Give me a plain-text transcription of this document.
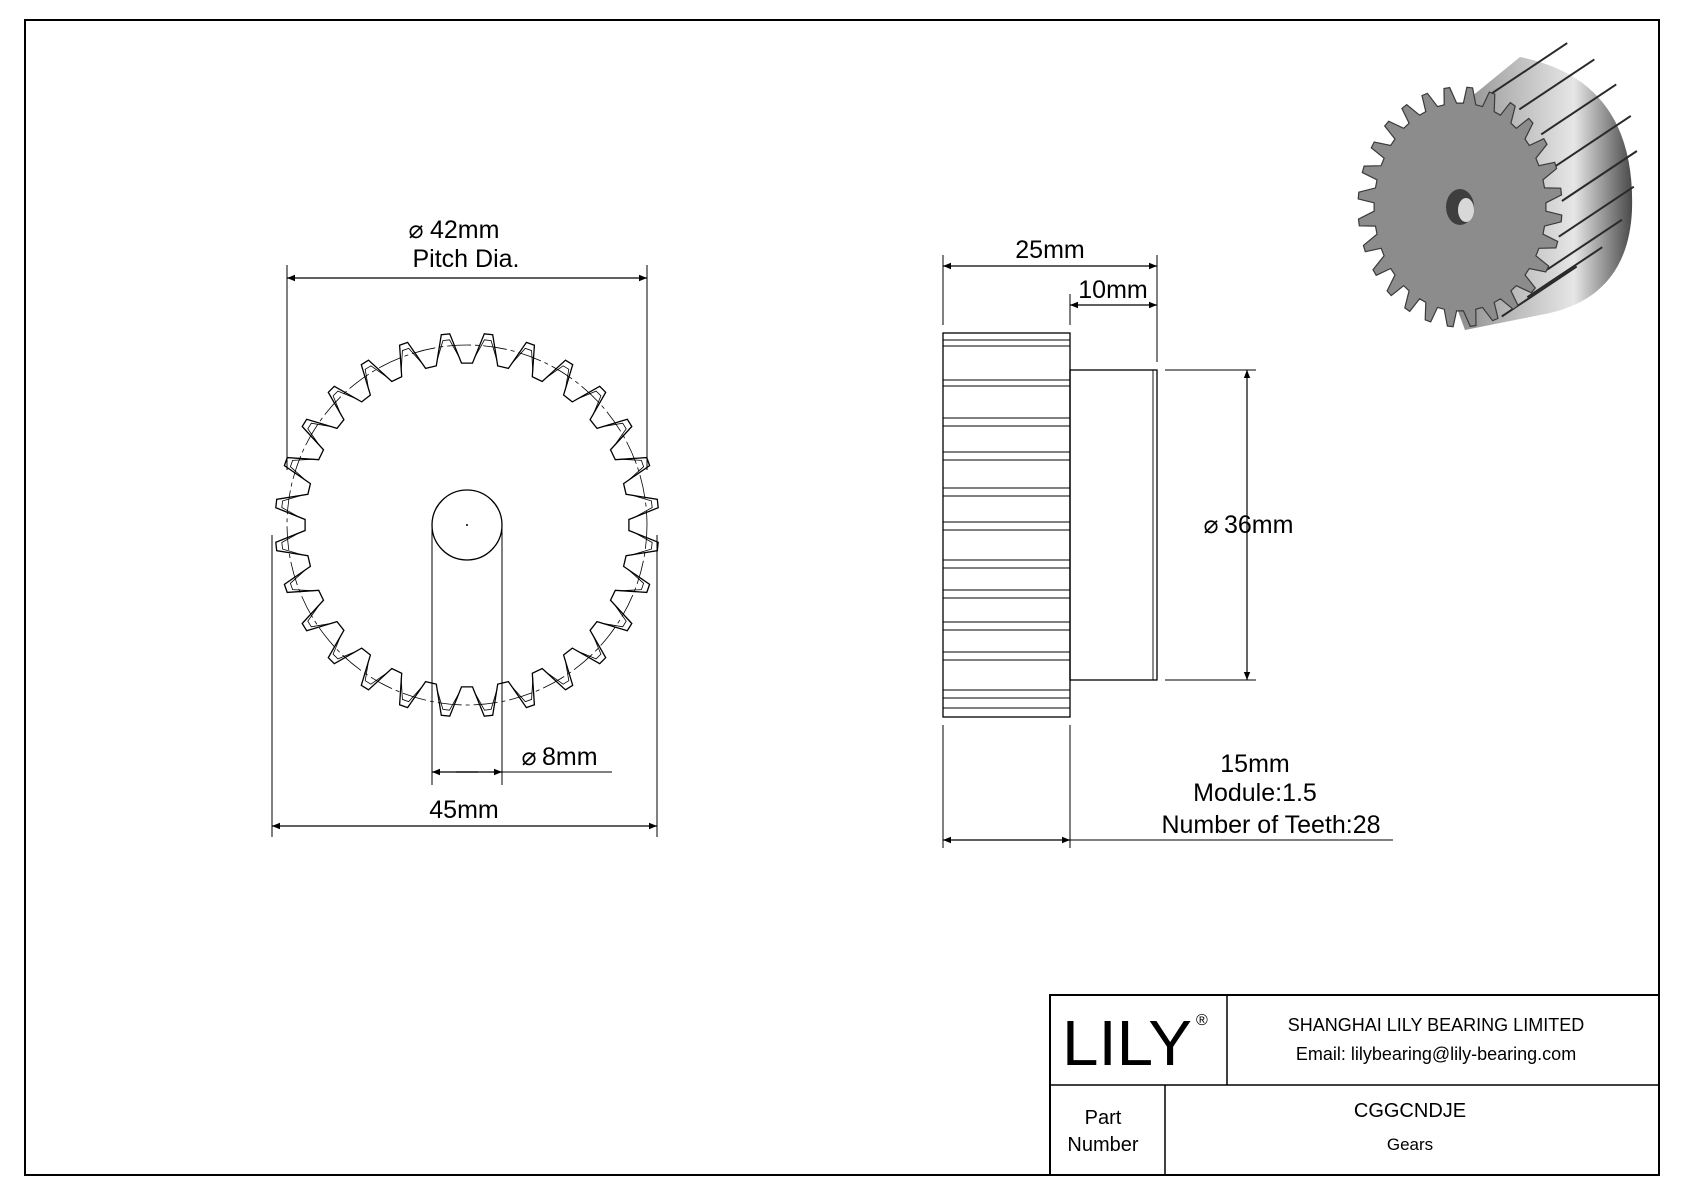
⌀ 42mm
Pitch Dia.
⌀ 8mm
45mm
25mm
10mm
⌀ 36mm
15mm
Module:1.5
Number of Teeth:28
LILY ®	SHANGHAI LILY BEARING LIMITED
Email: lilybearing@lily-bearing.com
Part
Number
CGGCNDJE
Gears
